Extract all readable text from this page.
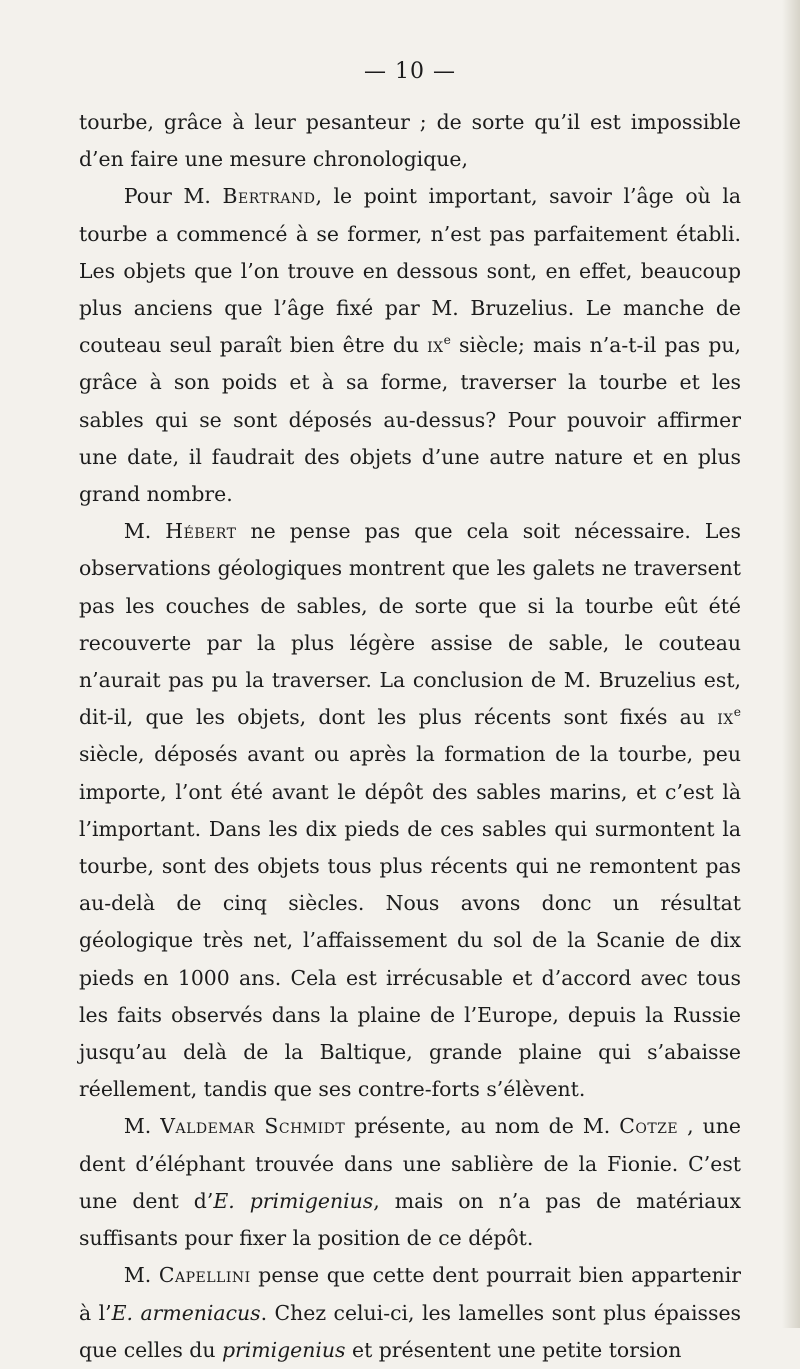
— 10 —

tourbe, grâce à leur pesanteur ; de sorte qu’il est impossible d’en faire une mesure chronologique,

Pour M. Bertrand, le point important, savoir l’âge où la tourbe a commencé à se former, n’est pas parfaitement établi. Les objets que l’on trouve en dessous sont, en effet, beaucoup plus anciens que l’âge fixé par M. Bruzelius. Le manche de couteau seul paraît bien être du $ix^e$ siècle; mais n’a-t-il pas pu, grâce à son poids et à sa forme, traverser la tourbe et les sables qui se sont déposés au-dessus? Pour pouvoir affirmer une date, il faudrait des objets d’une autre nature et en plus grand nombre.

M. Hébert ne pense pas que cela soit nécessaire. Les observations géologiques montrent que les galets ne traversent pas les couches de sables, de sorte que si la tourbe eût été recouverte par la plus légère assise de sable, le couteau n’aurait pas pu la traverser. La conclusion de M. Bruzelius est, dit-il, que les objets, dont les plus récents sont fixés au $ix^e$ siècle, déposés avant ou après la formation de la tourbe, peu importe, l’ont été avant le dépôt des sables marins, et c’est là l’important. Dans les dix pieds de ces sables qui surmontent la tourbe, sont des objets tous plus récents qui ne remontent pas au-delà de cinq siècles. Nous avons donc un résultat géologique très net, l’affaissement du sol de la Scanie de dix pieds en 1000 ans. Cela est irrécusable et d’accord avec tous les faits observés dans la plaine de l’Europe, depuis la Russie jusqu’au delà de la Baltique, grande plaine qui s’abaisse réellement, tandis que ses contre-forts s’élèvent.

M. Valdemar Schmidt présente, au nom de M. Cotze , une dent d’éléphant trouvée dans une sablière de la Fionie. C’est une dent d’E. primigenius, mais on n’a pas de matériaux suffisants pour fixer la position de ce dépôt.

M. Capellini pense que cette dent pourrait bien appartenir à l’E. armeniacus. Chez celui-ci, les lamelles sont plus épaisses que celles du primigenius et présentent une petite torsion
